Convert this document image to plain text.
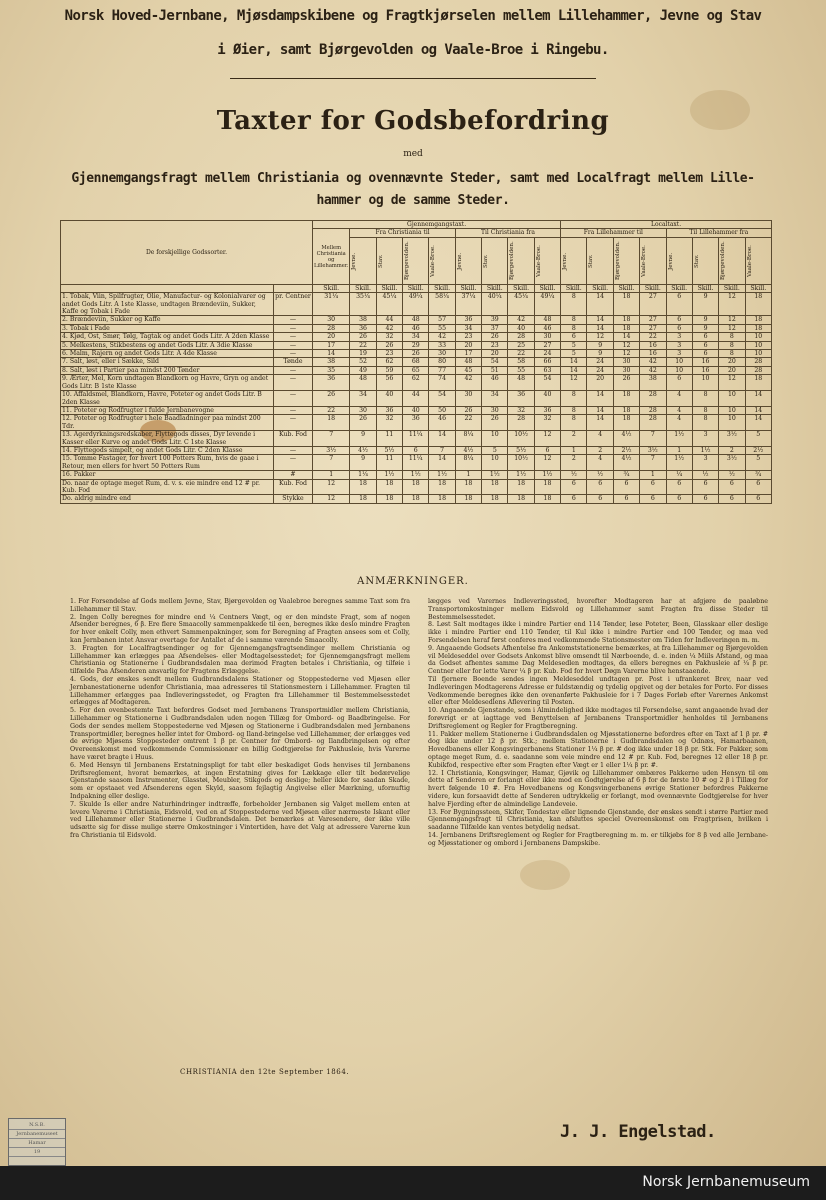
Norsk Hoved-Jernbane, Mjøsdampskibene og Fragtkjørselen mellem Lillehammer, Jevne og Stav
i Øier, samt Bjørgevolden og Vaale-Broe i Ringebu.
Taxter for Godsbefordring
med
Gjennemgangsfragt mellem Christiania og ovennævnte Steder, samt med Localfragt mellem Lille-
hammer og de samme Steder.
De forskjellige Godssorter.		Gjennemgangstaxt.									Localtaxt.							
		Mellem Christiania og Lillehammer.	Fra Christiania til				Til Christiania fra				Fra Lillehammer til				Til Lillehammer fra			

			Jevne.	Stav.	Bjørgevolden.	Vaale-Broe.	Jevne.	Stav.	Bjørgevolden.	Vaale-Broe.	Jevne.	Stav.	Bjørgevolden.	Vaale-Broe.	Jevne.	Stav.	Bjørgevolden.	Vaale-Broe.

		Skill.	Skill.	Skill.	Skill.	Skill.	Skill.	Skill.	Skill.	Skill.	Skill.	Skill.	Skill.	Skill.	Skill.	Skill.	Skill.	Skill.
1. Tobak, Viin, Spilfrugter, Olie, Manufactur- og Kolonialvarer og andet Gods Litr. A 1ste Klasse, undtagen Brændeviin, Sukker, Kaffe og Tobak i Fade	pr. Centner	31¼	35¼	45¼	49¼	58¼	37¼	40¼	45¼	49¼	8	14	18	27	6	9	12	18
2. Brændeviin, Sukker og Kaffe	—	30	38	44	48	57	36	39	42	48	8	14	18	27	6	9	12	18
3. Tobak i Fade	—	28	36	42	46	55	34	37	40	46	8	14	18	27	6	9	12	18
4. Kjød, Ost, Smør, Tølg, Tagtak og andet Gods Litr. A 2den Klasse	—	20	26	32	34	42	23	26	28	30	6	12	14	22	3	6	8	10
5. Melkestens, Stikbestens og andet Gods Litr. A 3die Klasse	—	17	22	26	29	33	20	23	25	27	5	9	12	16	3	6	8	10
6. Malm, Rajern og andet Gods Litr. A 4de Klasse	—	14	19	23	26	30	17	20	22	24	5	9	12	16	3	6	8	10
7. Salt, løst, eller i Sække, Sild	Tønde	38	52	62	68	80	48	54	58	66	14	24	30	42	10	16	20	28
8. Salt, løst i Partier paa mindst 200 Tønder	—	35	49	59	65	77	45	51	55	63	14	24	30	42	10	16	20	28
9. Ærter, Mel, Korn undtagen Blandkorn og Havre, Gryn og andet Gods Litr. B 1ste Klasse	—	36	48	56	62	74	42	46	48	54	12	20	26	38	6	10	12	18
10. Affaldsmel, Blandkorn, Havre, Poteter og andet Gods Litr. B 2den Klasse	—	26	34	40	44	54	30	34	36	40	8	14	18	28	4	8	10	14
11. Poteter og Rodfrugter i fulde Jernbanevogne	—	22	30	36	40	50	26	30	32	36	8	14	18	28	4	8	10	14
12. Poteter og Rodfrugter i hele Baadladninger paa mindst 200 Tdr.	—	18	26	32	36	46	22	26	28	32	8	14	18	28	4	8	10	14
13. Agerdyrkningsredskaber, Flyttegods disses, Dyr levende i Kasser eller Kurve og andet Gods Litr. C 1ste Klasse	Kub. Fod	7	9	11	11¼	14	8¼	10	10½	12	2	4	4½	7	1½	3	3½	5
14. Flyttegods simpelt, og andet Gods Litr. C 2den Klasse	—	3½	4½	5½	6	7	4½	5	5½	6	1	2	2½	3½	1	1½	2	2½
15. Tomme Fastager, for hvert 100 Potters Rum, hvis de gaae i Retour, men ellers for hvert 50 Potters Rum	—	7	9	11	11¼	14	8¼	10	10½	12	2	4	4½	7	1½	3	3½	5
16. Pakker	#	1	1¼	1½	1½	1½	1	1½	1½	1½	½	½	¾	1	¼	½	½	¾
Do. naar de optage meget Rum, d. v. s. eie mindre end 12 # pr. Kub. Fod	Kub. Fod	12	18	18	18	18	18	18	18	18	6	6	6	6	6	6	6	6
Do. aldrig mindre end	Stykke	12	18	18	18	18	18	18	18	18	6	6	6	6	6	6	6	6
ANMÆRKNINGER.

1. For Forsendelse af Gods mellem Jevne, Stav, Bjørgevolden og Vaalebroe beregnes samme Taxt som fra Lillehammer til Stav.

2. Ingen Colly beregnes for mindre end ¼ Centners Vægt, og er den mindste Fragt, som af nogen Afsender beregnes, 6 β. Ere flere Smaacolly sammenpakkede til een, beregnes ikke deslo mindre Fragten for hver enkelt Colly, men ethvert Sammenpakninger, som for Beregning af Fragten ansees som et Colly, kan Jernbanen intet Ansvar overtage for Antallet af de i samme værende Smaacolly.

3. Fragten for Localfragtsendinger og for Gjennemgangsfragtsendinger mellem Christiania og Lillehammer kan erlægges paa Afsendelses- eller Modtagelsesstedet; for Gjennemgangsfragt mellem Christiania og Stationerne i Gudbrandsdalen maa derimod Fragten betales i Christiania, og tilføie i tilfælde Paa Afsenderen ansvarlig for Fragtens Erlæggelse.

4. Gods, der ønskes sendt mellem Gudbrandsdalens Stationer og Stoppestederne ved Mjøsen eller Jernbanestationerne udenfor Christiania, maa adresseres til Stationsmestern i Lillehammer. Fragten til Lillehammer erlægges paa Indleveringsstedet, og Fragten fra Lillehammer til Bestemmelsesstedet erlægges af Modtageren.

5. For den ovenbestemte Taxt befordres Godset med Jernbanens Transportmidler mellem Christiania, Lillehammer og Stationerne i Gudbrandsdalen uden nogen Tillæg for Ombord- og Baadbringelse. For Gods der sendes mellem Stoppestederne ved Mjøsen og Stationerne i Gudbrandsdalen med Jernbanens Transportmidler, beregnes heller intet for Ombord- og Iland-bringelse ved Lillehammer, der erlægges ved de øvrige Mjøsens Stoppesteder omtrent 1 β pr. Centner for Ombord- og Ilandbringelsen og efter Overeenskomst med vedkommende Commissionær en billig Godtgjørelse for Pakhusleie, hvis Varerne have været bragte i Huus.

6. Med Hensyn til Jernbanens Erstatningspligt for tabt eller beskadiget Gods henvises til Jernbanens Driftsreglement, hvorat bemærkes, at ingen Erstatning gives for Lækkage eller tilt bedærvelige Gjenstande saasom Instrumenter, Glasstøi, Meubler, Stikgods og deslige; heller ikke for saadan Skade, som er opstaaet ved Afsenderens egen Skyld, saasom fejlagtig Angivelse eller Mærkning, ufornuftig Indpakning eller deslige.

7. Skulde Is eller andre Naturhindringer indtræffe, forbeholder Jernbanen sig Valget mellem enten at levere Varerne i Christiania, Eidsvold, ved en af Stoppestederne ved Mjøsen eller nærmeste Iskant eller ved Lillehammer eller Stationerne i Gudbrandsdalen. Det bemærkes at Varesendere, der ikke ville udsætte sig for disse mulige større Omkostninger i Vintertiden, have det Valg at adressere Varerne kun fra Christiania til Eidsvold.

lægges ved Varernes Indleveringssted, hvorefter Modtageren har at afgjøre de paaløbne Transportomkostninger mellem Eidsvold og Lillehammer samt Fragten fra disse Steder til Bestemmelsesstedet.

8. Løst Salt modtages ikke i mindre Partier end 114 Tønder, løse Poteter, Been, Glasskaar eller deslige ikke i mindre Partier end 110 Tønder, til Kul ikke i mindre Partier end 100 Tønder, og maa ved Forsendelsen heraf først conferes med vedkommende Stationsmester om Tiden for Indleveringen m. m.

9. Angaaende Godsets Afhentelse fra Ankomststationerne bemærkes, at fra Lillehammer og Bjørgevolden vil Meldeseddel over Godsets Ankomst blive omsendt til Nærboende, d. e. inden ¼ Miils Afstand, og maa da Godset afhentes samme Dag Meldesedlen modtages, da ellers beregnes en Pakhusleie af ¼ β pr. Centner eller for lette Varer ¼ β pr. Kub. Fod for hvert Døgn Varerne blive henstaaende.

Til fjernere Boende sendes ingen Meldeseddel undtagen pr. Post i ufrankeret Brev, naar ved Indleveringen Modtagerens Adresse er fuldstændig og tydelig opgivet og der betales for Porto. For disses Vedkommende beregnes ikke den ovenanførte Pakhusleie for i 7 Dages Forløb efter Varernes Ankomst eller efter Meldesedlens Aflevering til Posten.

10. Angaaende Gjenstande, som i Almindelighed ikke modtages til Forsendelse, samt angaaende hvad der forøvrigt er at iagttage ved Benyttelsen af Jernbanens Transportmidler henholdes til Jernbanens Driftsreglement og Regler for Fragtberegning.

11. Pakker mellem Stationerne i Gudbrandsdalen og Mjøsstationerne befordres efter en Taxt af 1 β pr. # dog ikke under 12 β pr. Stk.; mellem Stationerne i Gudbrandsdalen og Odnæs, Hamarbaanen, Hovedbanens eller Kongsvingerbanens Stationer 1¼ β pr. # dog ikke under 18 β pr. Stk. For Pakker, som optage meget Rum, d. e. saadanne som veie mindre end 12 # pr. Kub. Fod, beregnes 12 eller 18 β pr. Kubikfod, respective efter som Fragten efter Vægt er 1 eller 1¼ β pr. #.

12. I Christiania, Kongsvinger, Hamar, Gjøvik og Lillehammer ombæres Pakkerne uden Hensyn til om dette af Senderen er forlangt eller ikke mod en Godtgjørelse af 6 β for de første 10 # og 2 β i Tillæg for hvert følgende 10 #. Fra Hovedbanens og Kongsvingerbanens øvrige Stationer befordres Pakkerne videre, kun forsaavidt dette af Senderen udtrykkelig er forlangt, mod ovennævnte Godtgjørelse for hver halve Fjerding efter de almindelige Landeveie.

13. For Bygningssteen, Skifer, Tondestav eller lignende Gjenstande, der ønskes sendt i større Partier med Gjennemgangsfragt til Christiania, kan afsluttes speciel Overeenskomst om Fragtprisen, hvilken i saadanne Tilfælde kan ventes betydelig nedsat.

14. Jernbanens Driftsreglement og Regler for Fragtberegning m. m. er tilkjøbs for 8 β ved alle Jernbane- og Mjøsstationer og ombord i Jernbanens Dampskibe.

CHRISTIANIA den 12te September 1864.
J. J. Engelstad.
N.S.B.
Jernbanemuseet
Hamar
19
Norsk Jernbanemuseum
